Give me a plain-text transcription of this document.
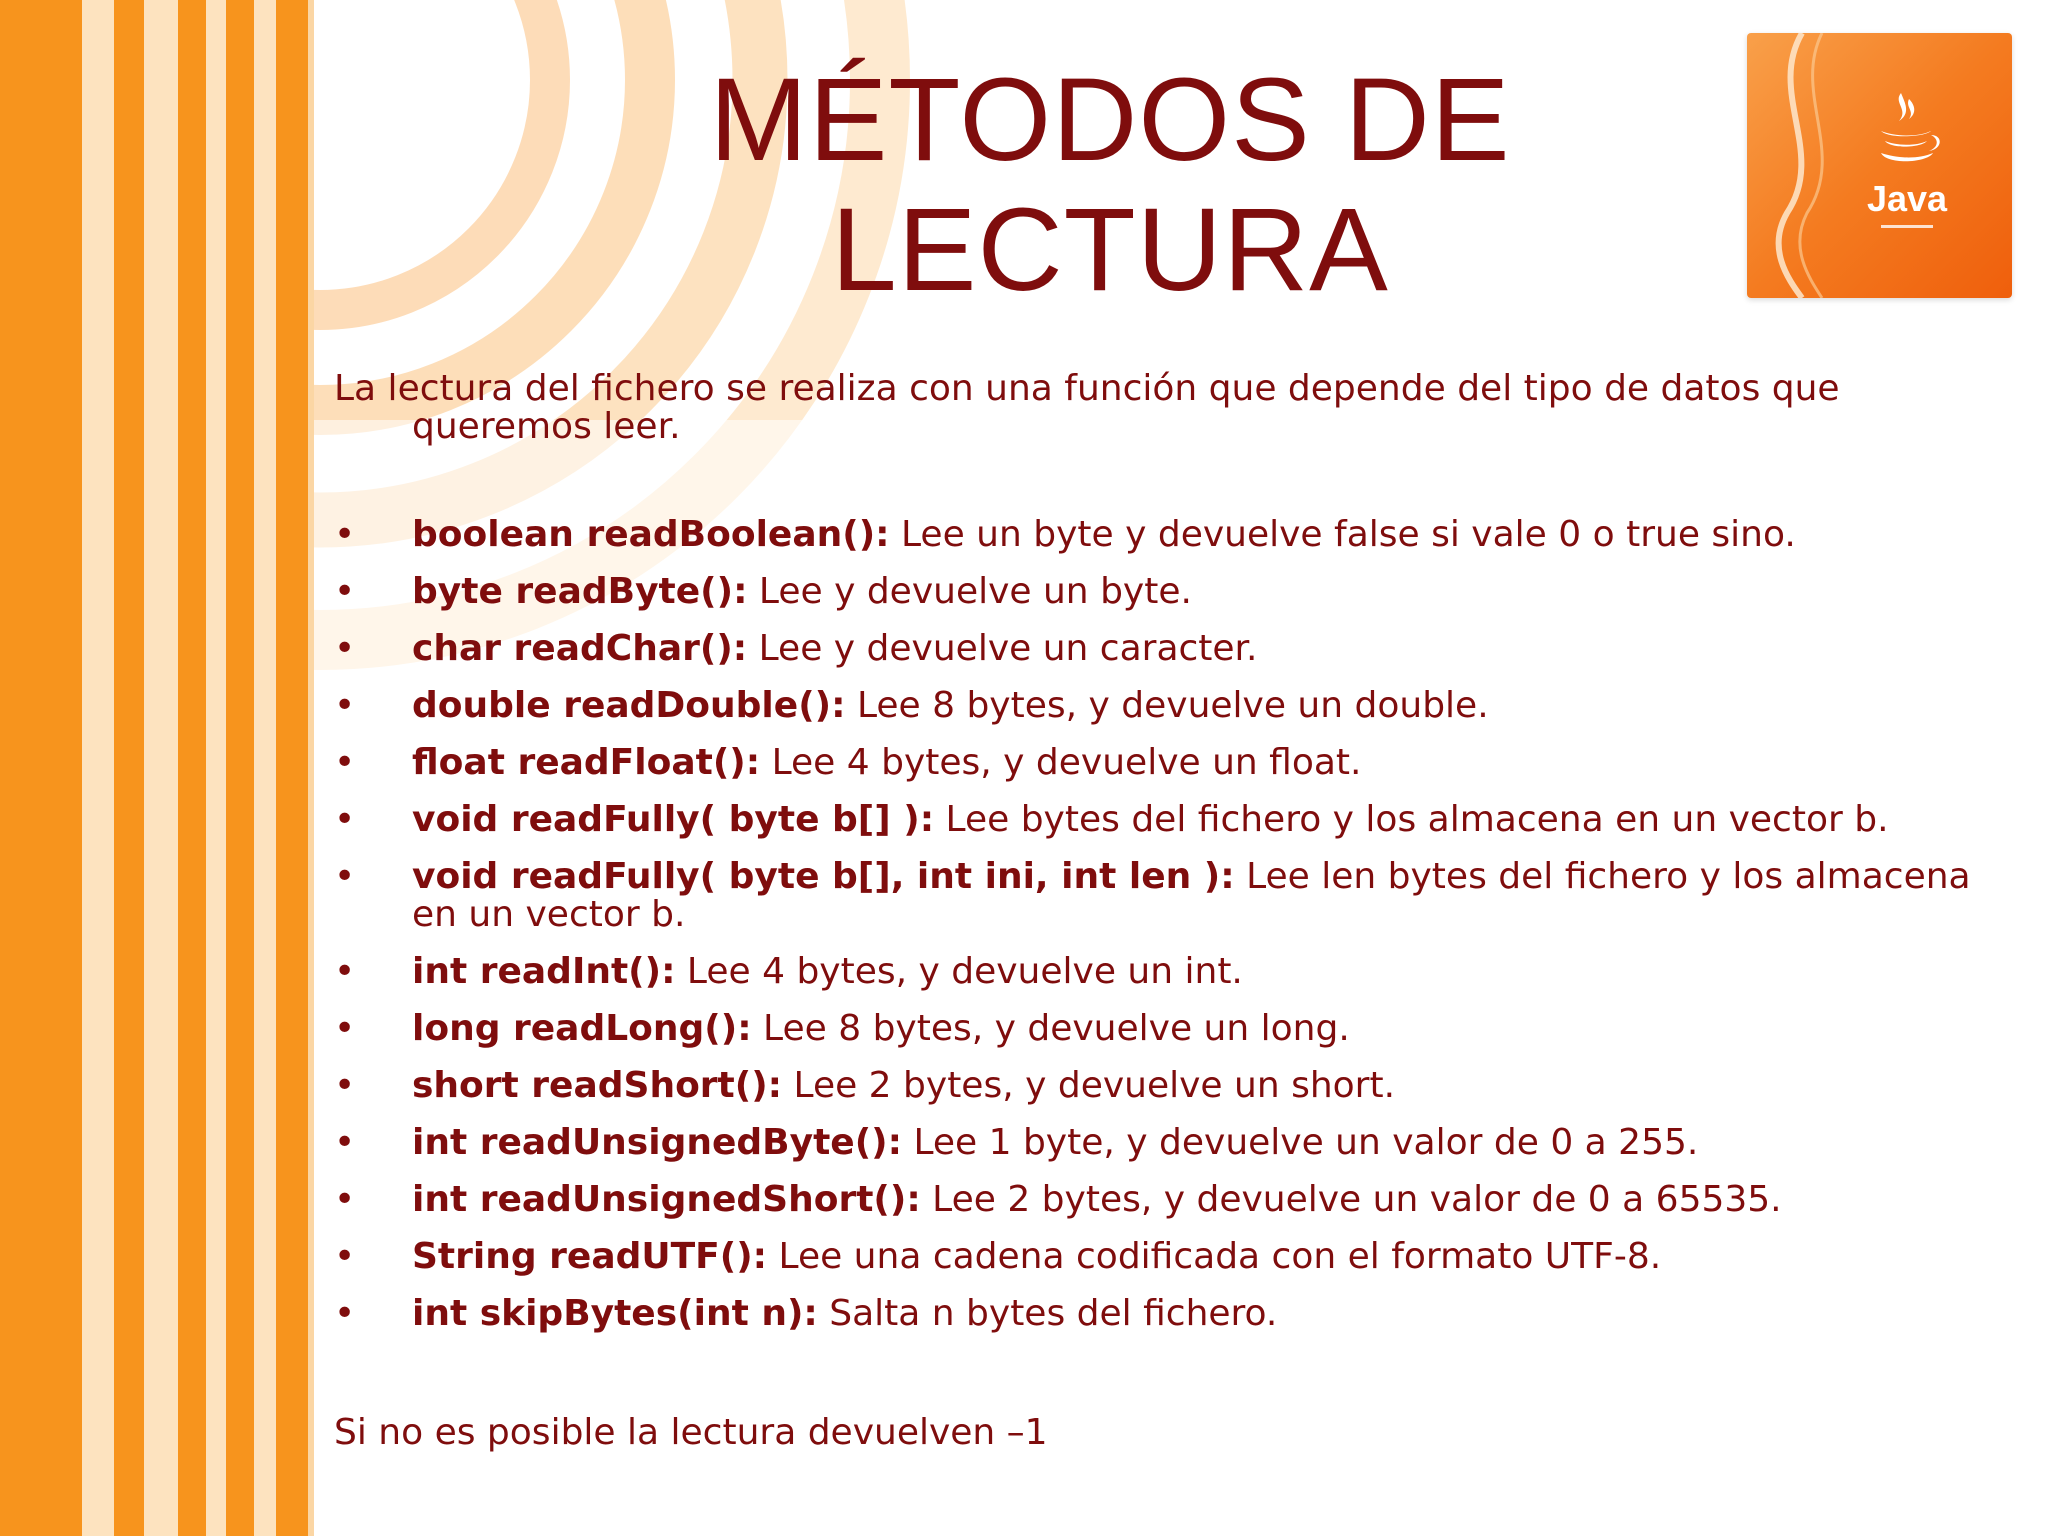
MÉTODOS DE LECTURA	Java

La lectura del fichero se realiza con una función que depende del tipo de datos que queremos leer.

• boolean readBoolean(): Lee un byte y devuelve false si vale 0 o true sino.
• byte readByte(): Lee y devuelve un byte.
• char readChar(): Lee y devuelve un caracter.
• double readDouble(): Lee 8 bytes, y devuelve un double.
• float readFloat(): Lee 4 bytes, y devuelve un float.
• void readFully( byte b[] ): Lee bytes del fichero y los almacena en un vector b.
• void readFully( byte b[], int ini, int len ): Lee len bytes del fichero y los almacena en un vector b.
• int readInt(): Lee 4 bytes, y devuelve un int.
• long readLong(): Lee 8 bytes, y devuelve un long.
• short readShort(): Lee 2 bytes, y devuelve un short.
• int readUnsignedByte(): Lee 1 byte, y devuelve un valor de 0 a 255.
• int readUnsignedShort(): Lee 2 bytes, y devuelve un valor de 0 a 65535.
• String readUTF(): Lee una cadena codificada con el formato UTF-8.
• int skipBytes(int n): Salta n bytes del fichero.

Si no es posible la lectura devuelven –1
